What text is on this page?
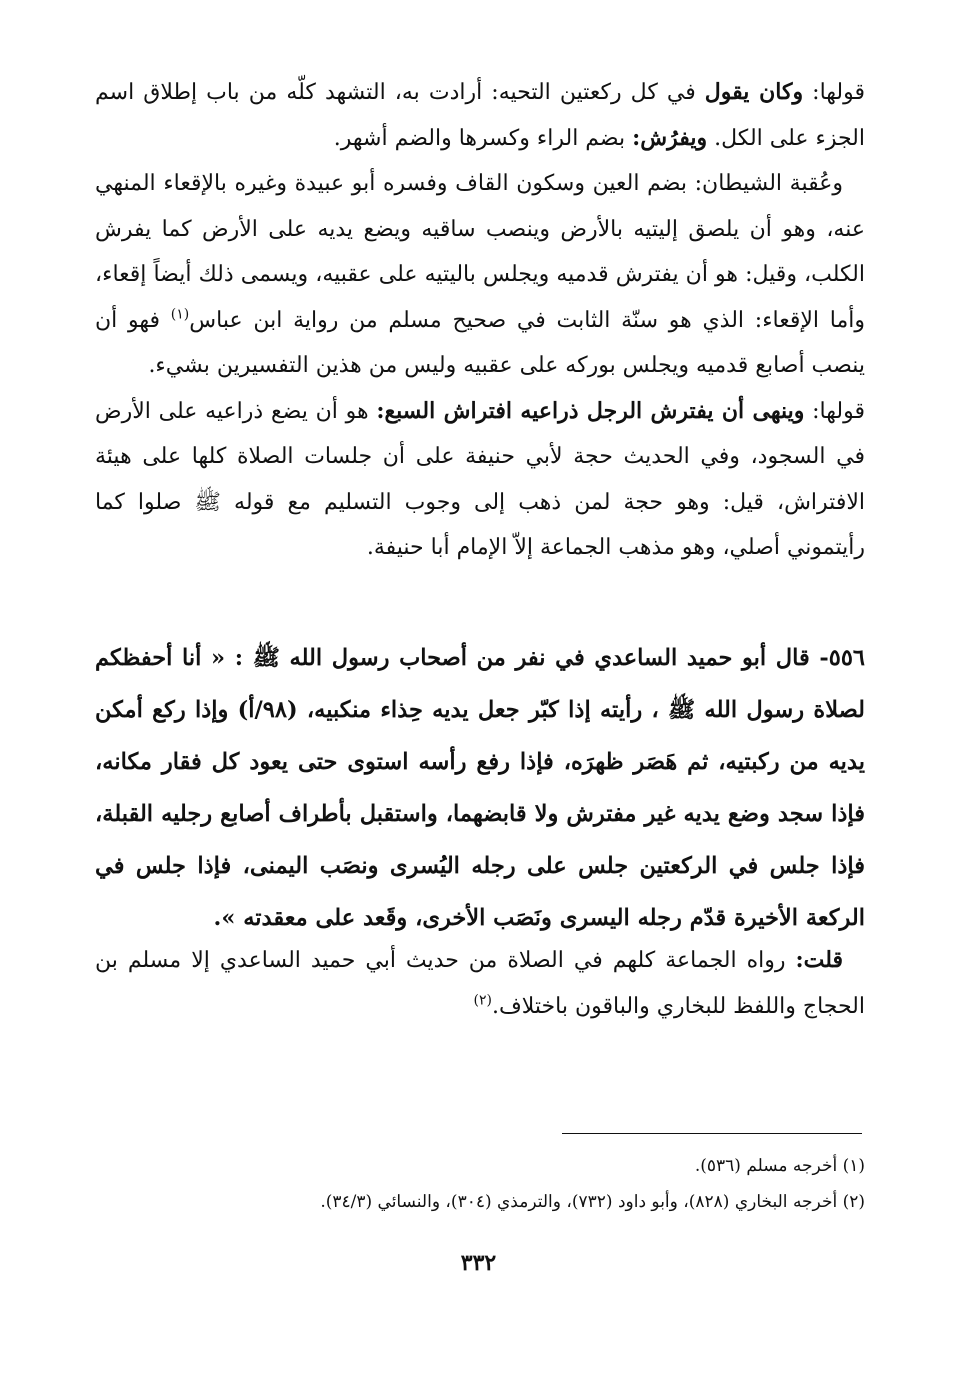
قولها: وكان يقول في كل ركعتين التحيه: أرادت به، التشهد كلّه من باب إطلاق اسم الجزء على الكل. ويفرُش: بضم الراء وكسرها والضم أشهر.

وعُقبة الشيطان: بضم العين وسكون القاف وفسره أبو عبيدة وغيره بالإقعاء المنهي عنه، وهو أن يلصق إليتيه بالأرض وينصب ساقيه ويضع يديه على الأرض كما يفرش الكلب، وقيل: هو أن يفترش قدميه ويجلس باليتيه على عقبيه، ويسمى ذلك أيضاً إقعاء، وأما الإقعاء: الذي هو سنّة الثابت في صحيح مسلم من رواية ابن عباس$^{(١)}$ فهو أن ينصب أصابع قدميه ويجلس بوركه على عقبيه وليس من هذين التفسيرين بشيء.

قولها: وينهى أن يفترش الرجل ذراعيه افتراش السبع: هو أن يضع ذراعيه على الأرض في السجود، وفي الحديث حجة لأبي حنيفة على أن جلسات الصلاة كلها على هيئة الافتراش، قيل: وهو حجة لمن ذهب إلى وجوب التسليم مع قوله ﷺ صلوا كما رأيتموني أصلي، وهو مذهب الجماعة إلاّ الإمام أبا حنيفة.

٥٥٦- قال أبو حميد الساعدي في نفر من أصحاب رسول الله ﷺ : « أنا أحفظكم لصلاة رسول الله ﷺ ، رأيته إذا كبّر جعل يديه حِذاء منكبيه، (٩٨/أ) وإذا ركع أمكن يديه من ركبتيه، ثم هَصَر ظهرَه، فإذا رفع رأسه استوى حتى يعود كل فقار مكانه، فإذا سجد وضع يديه غير مفترش ولا قابضهما، واستقبل بأطراف أصابع رجليه القبلة، فإذا جلس في الركعتين جلس على رجله اليُسرى ونصَب اليمنى، فإذا جلس في الركعة الأخيرة قدّم رجله اليسرى ونَصَب الأخرى، وقَعد على معقدته ».

قلت: رواه الجماعة كلهم في الصلاة من حديث أبي حميد الساعدي إلا مسلم بن الحجاج واللفظ للبخاري والباقون باختلاف.$^{(٢)}$

(١) أخرجه مسلم (٥٣٦).

(٢) أخرجه البخاري (٨٢٨)، وأبو داود (٧٣٢)، والترمذي (٣٠٤)، والنسائي (٣٤/٣).

٣٣٢
